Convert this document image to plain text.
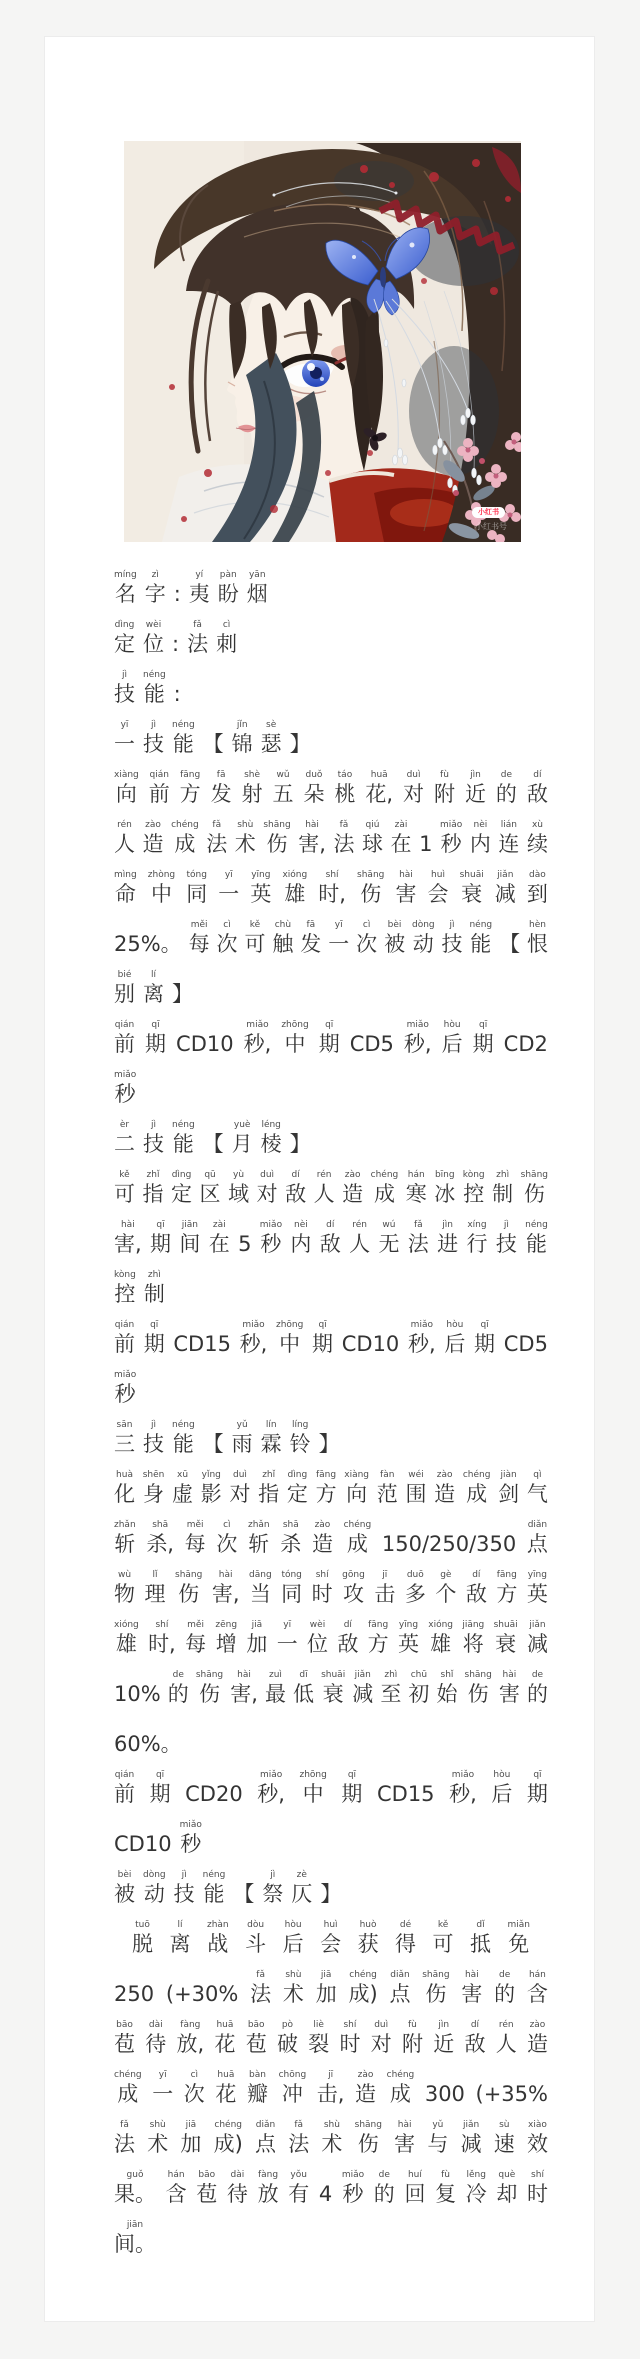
小红书号
小红书
míng
名
zì
字 :
yí
夷
pàn
盼
yān
烟
dìng
定
wèi
位 :
fǎ
法
cì
刺
jì
技
néng
能 :
yī
一
jì
技
néng
能 【
jǐn
锦
sè
瑟 】
xiàng
向
qián
前
fāng
方
fā
发
shè
射
wǔ
五
duǒ
朵
táo
桃
huā
花,
duì
对
fù
附
jìn
近
de
的
dí
敌
rén
人
zào
造
chéng
成
fǎ
法
shù
术
shāng
伤
hài
害,
fǎ
法
qiú
球
zài
在 1
miǎo
秒
nèi
内
lián
连
xù
续
mìng
命
zhòng
中
tóng
同
yī
一
yīng
英
xióng
雄
shí
时,
shāng
伤
hài
害
huì
会
shuāi
衰
jiǎn
减
dào
到
25%。
měi
每
cì
次
kě
可
chù
触
fā
发
yī
一
cì
次
bèi
被
dòng
动
jì
技
néng
能 【
hèn
恨
bié
别
lí
离 】
qián
前
qī
期 CD10
miǎo
秒,
zhōng
中
qī
期 CD5
miǎo
秒,
hòu
后
qī
期 CD2
miǎo
秒
èr
二
jì
技
néng
能 【
yuè
月
léng
棱 】
kě
可
zhǐ
指
dìng
定
qū
区
yù
域
duì
对
dí
敌
rén
人
zào
造
chéng
成
hán
寒
bīng
冰
kòng
控
zhì
制
shāng
伤
hài
害,
qī
期
jiān
间
zài
在 5
miǎo
秒
nèi
内
dí
敌
rén
人
wú
无
fǎ
法
jìn
进
xíng
行
jì
技
néng
能
kòng
控
zhì
制
qián
前
qī
期 CD15
miǎo
秒,
zhōng
中
qī
期 CD10
miǎo
秒,
hòu
后
qī
期 CD5
miǎo
秒
sān
三
jì
技
néng
能 【
yǔ
雨
lín
霖
líng
铃 】
huà
化
shēn
身
xū
虚
yǐng
影
duì
对
zhǐ
指
dìng
定
fāng
方
xiàng
向
fàn
范
wéi
围
zào
造
chéng
成
jiàn
剑
qì
气
zhǎn
斩
shā
杀,
měi
每
cì
次
zhǎn
斩
shā
杀
zào
造
chéng
成 150/250/350
diǎn
点
wù
物
lǐ
理
shāng
伤
hài
害,
dāng
当
tóng
同
shí
时
gōng
攻
jī
击
duō
多
gè
个
dí
敌
fāng
方
yīng
英
xióng
雄
shí
时,
měi
每
zēng
增
jiā
加
yī
一
wèi
位
dí
敌
fāng
方
yīng
英
xióng
雄
jiāng
将
shuāi
衰
jiǎn
减
10%
de
的
shāng
伤
hài
害,
zuì
最
dī
低
shuāi
衰
jiǎn
减
zhì
至
chū
初
shǐ
始
shāng
伤
hài
害
de
的
60%。
qián
前
qī
期 CD20
miǎo
秒,
zhōng
中
qī
期 CD15
miǎo
秒,
hòu
后
qī
期
CD10
miǎo
秒
bèi
被
dòng
动
jì
技
néng
能 【
jì
祭
zè
仄 】
tuō
脱
lí
离
zhàn
战
dòu
斗
hòu
后
huì
会
huò
获
dé
得
kě
可
dǐ
抵
miǎn
免
250 (+30%
fǎ
法
shù
术
jiā
加
chéng
成)
diǎn
点
shāng
伤
hài
害
de
的
hán
含
bāo
苞
dài
待
fàng
放,
huā
花
bāo
苞
pò
破
liè
裂
shí
时
duì
对
fù
附
jìn
近
dí
敌
rén
人
zào
造
chéng
成
yī
一
cì
次
huā
花
bàn
瓣
chōng
冲
jī
击,
zào
造
chéng
成 300 (+35%
fǎ
法
shù
术
jiā
加
chéng
成)
diǎn
点
fǎ
法
shù
术
shāng
伤
hài
害
yǔ
与
jiǎn
减
sù
速
xiào
效
guǒ
果。
hán
含
bāo
苞
dài
待
fàng
放
yǒu
有 4
miǎo
秒
de
的
huí
回
fù
复
lěng
冷
què
却
shí
时
jiān
间。
